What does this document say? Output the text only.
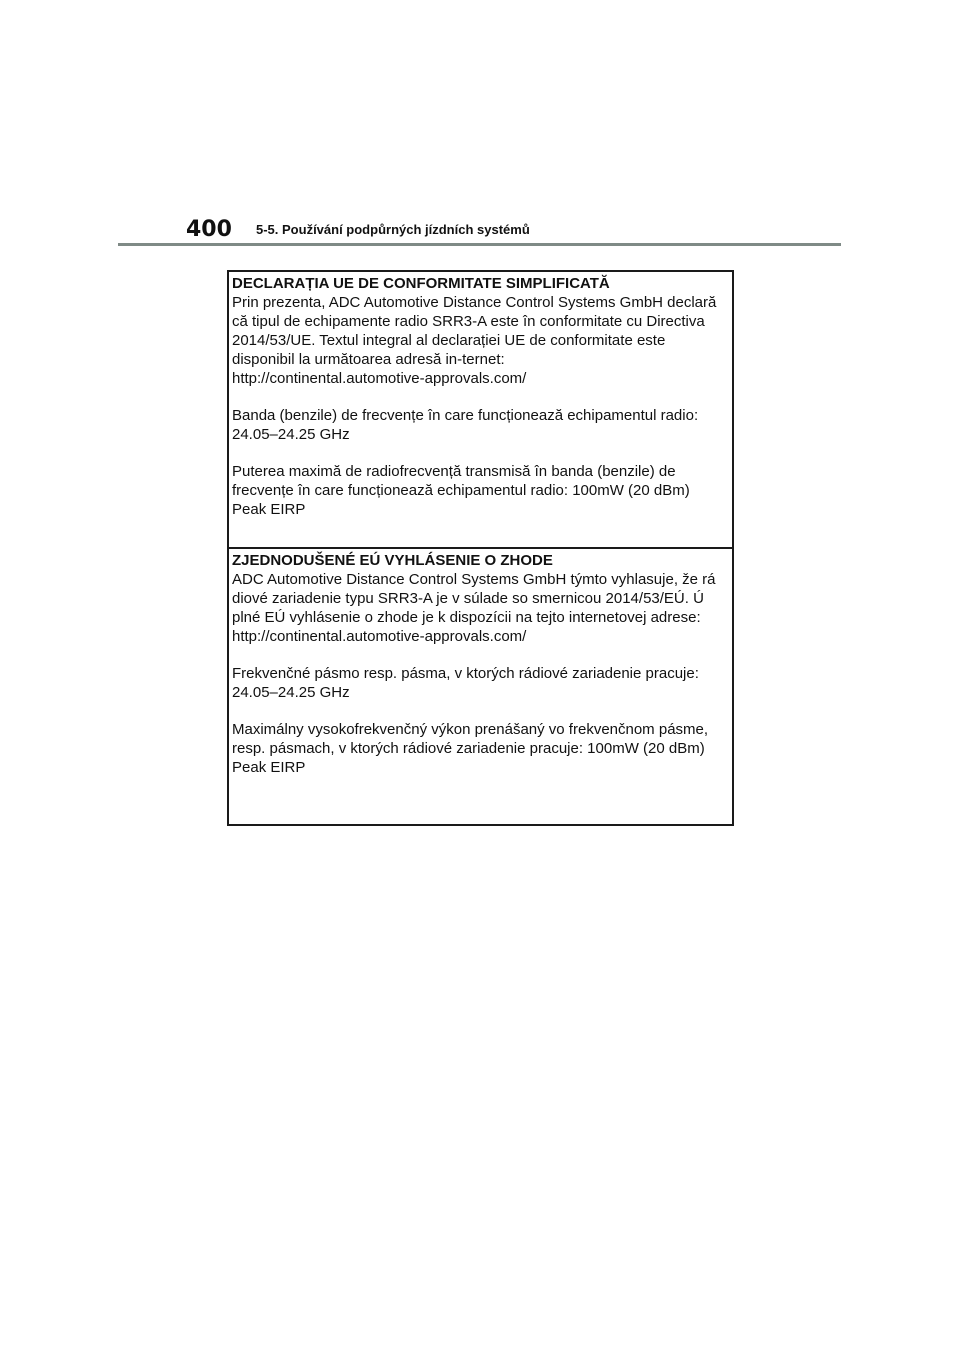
400	5-5. Používání podpůrných jízdních systémů

DECLARAȚIA UE DE CONFORMITATE SIMPLIFICATĂ

Prin prezenta, ADC Automotive Distance Control Systems GmbH declară
că tipul de echipamente radio SRR3-A este în conformitate cu Directiva
2014/53/UE. Textul integral al declarației UE de conformitate este
disponibil la următoarea adresă in-ternet:
http://continental.automotive-approvals.com/

Banda (benzile) de frecvențe în care funcționează echipamentul radio:
24.05–24.25 GHz

Puterea maximă de radiofrecvență transmisă în banda (benzile) de
frecvențe în care funcționează echipamentul radio: 100mW (20 dBm)
Peak EIRP

ZJEDNODUŠENÉ EÚ VYHLÁSENIE O ZHODE

ADC Automotive Distance Control Systems GmbH týmto vyhlasuje, že rá
diové zariadenie typu SRR3-A je v súlade so smernicou 2014/53/EÚ. Ú
plné EÚ vyhlásenie o zhode je k dispozícii na tejto internetovej adrese:
http://continental.automotive-approvals.com/

Frekvenčné pásmo resp. pásma, v ktorých rádiové zariadenie pracuje:
24.05–24.25 GHz

Maximálny vysokofrekvenčný výkon prenášaný vo frekvenčnom pásme,
resp. pásmach, v ktorých rádiové zariadenie pracuje: 100mW (20 dBm)
Peak EIRP
